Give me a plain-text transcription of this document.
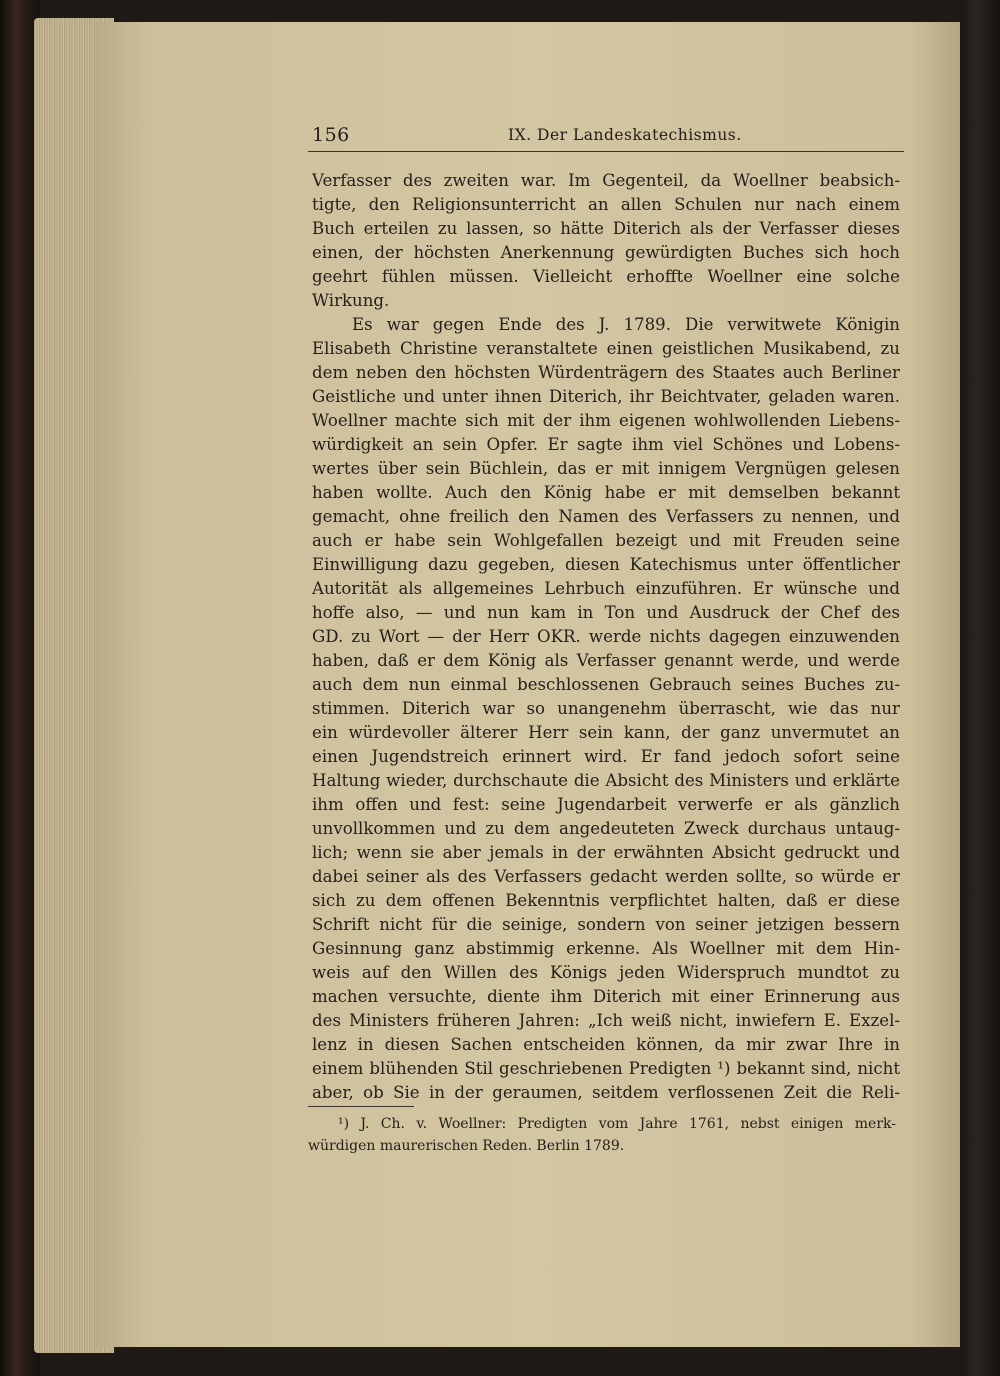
156	IX. Der Landeskatechismus.
Verfasser des zweiten war. Im Gegenteil, da Woellner beabsich-
tigte, den Religionsunterricht an allen Schulen nur nach einem
Buch erteilen zu lassen, so hätte Diterich als der Verfasser dieses
einen, der höchsten Anerkennung gewürdigten Buches sich hoch
geehrt fühlen müssen. Vielleicht erhoffte Woellner eine solche
Wirkung.
Es war gegen Ende des J. 1789. Die verwitwete Königin
Elisabeth Christine veranstaltete einen geistlichen Musikabend, zu
dem neben den höchsten Würdenträgern des Staates auch Berliner
Geistliche und unter ihnen Diterich, ihr Beichtvater, geladen waren.
Woellner machte sich mit der ihm eigenen wohlwollenden Liebens-
würdigkeit an sein Opfer. Er sagte ihm viel Schönes und Lobens-
wertes über sein Büchlein, das er mit innigem Vergnügen gelesen
haben wollte. Auch den König habe er mit demselben bekannt
gemacht, ohne freilich den Namen des Verfassers zu nennen, und
auch er habe sein Wohlgefallen bezeigt und mit Freuden seine
Einwilligung dazu gegeben, diesen Katechismus unter öffentlicher
Autorität als allgemeines Lehrbuch einzuführen. Er wünsche und
hoffe also, — und nun kam in Ton und Ausdruck der Chef des
GD. zu Wort — der Herr OKR. werde nichts dagegen einzuwenden
haben, daß er dem König als Verfasser genannt werde, und werde
auch dem nun einmal beschlossenen Gebrauch seines Buches zu-
stimmen. Diterich war so unangenehm überrascht, wie das nur
ein würdevoller älterer Herr sein kann, der ganz unvermutet an
einen Jugendstreich erinnert wird. Er fand jedoch sofort seine
Haltung wieder, durchschaute die Absicht des Ministers und erklärte
ihm offen und fest: seine Jugendarbeit verwerfe er als gänzlich
unvollkommen und zu dem angedeuteten Zweck durchaus untaug-
lich; wenn sie aber jemals in der erwähnten Absicht gedruckt und
dabei seiner als des Verfassers gedacht werden sollte, so würde er
sich zu dem offenen Bekenntnis verpflichtet halten, daß er diese
Schrift nicht für die seinige, sondern von seiner jetzigen bessern
Gesinnung ganz abstimmig erkenne. Als Woellner mit dem Hin-
weis auf den Willen des Königs jeden Widerspruch mundtot zu
machen versuchte, diente ihm Diterich mit einer Erinnerung aus
des Ministers früheren Jahren: „Ich weiß nicht, inwiefern E. Exzel-
lenz in diesen Sachen entscheiden können, da mir zwar Ihre in
einem blühenden Stil geschriebenen Predigten ¹) bekannt sind, nicht
aber, ob Sie in der geraumen, seitdem verflossenen Zeit die Reli-
¹) J. Ch. v. Woellner: Predigten vom Jahre 1761, nebst einigen merk-
würdigen maurerischen Reden. Berlin 1789.
